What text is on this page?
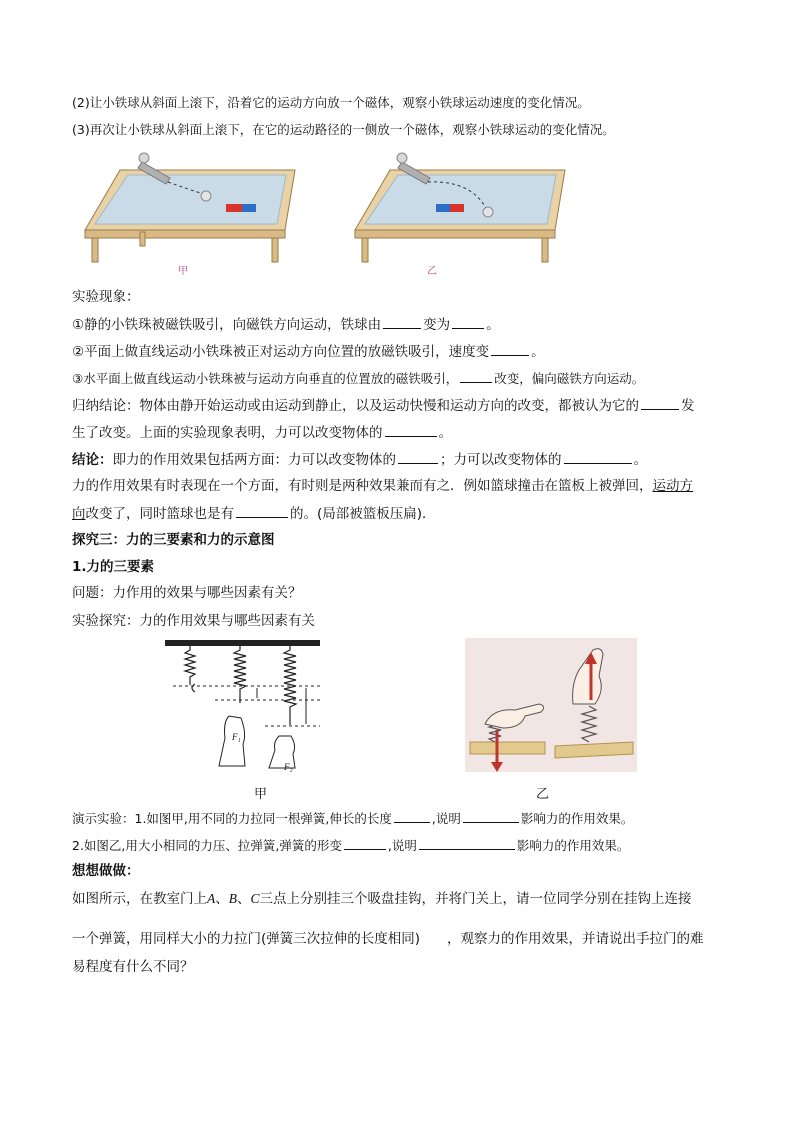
(2)让小铁球从斜面上滚下，沿着它的运动方向放一个磁体，观察小铁球运动速度的变化情况。
(3)再次让小铁球从斜面上滚下，在它的运动路径的一侧放一个磁体，观察小铁球运动的变化情况。
甲	乙
实验现象：
①静的小铁珠被磁铁吸引，向磁铁方向运动，铁球由	变为	。
②平面上做直线运动小铁珠被正对运动方向位置的放磁铁吸引，速度变	。
③水平面上做直线运动小铁珠被与运动方向垂直的位置放的磁铁吸引，	改变，偏向磁铁方向运动。
归纳结论：物体由静开始运动或由运动到静止，以及运动快慢和运动方向的改变，都被认为它的	发
生了改变。上面的实验现象表明，力可以改变物体的	。
结论：即力的作用效果包括两方面：力可以改变物体的	；力可以改变物体的	。
力的作用效果有时表现在一个方面，有时则是两种效果兼而有之．例如篮球撞击在篮板上被弹回，运动方
向改变了，同时篮球也是有	的。(局部被篮板压扁)．
探究三：力的三要素和力的示意图
1.力的三要素
问题：力作用的效果与哪些因素有关？
实验探究：力的作用效果与哪些因素有关
F₁
F₂
甲	乙
演示实验：1.如图甲,用不同的力拉同一根弹簧,伸长的长度	,说明	影响力的作用效果。
2.如图乙,用大小相同的力压、拉弹簧,弹簧的形变	,说明	影响力的作用效果。
想想做做：
如图所示，在教室门上A、B、C三点上分别挂三个吸盘挂钩，并将门关上，请一位同学分别在挂钩上连接
一个弹簧，用同样大小的力拉门(弹簧三次拉伸的长度相同)　　，观察力的作用效果，并请说出手拉门的难
易程度有什么不同？
